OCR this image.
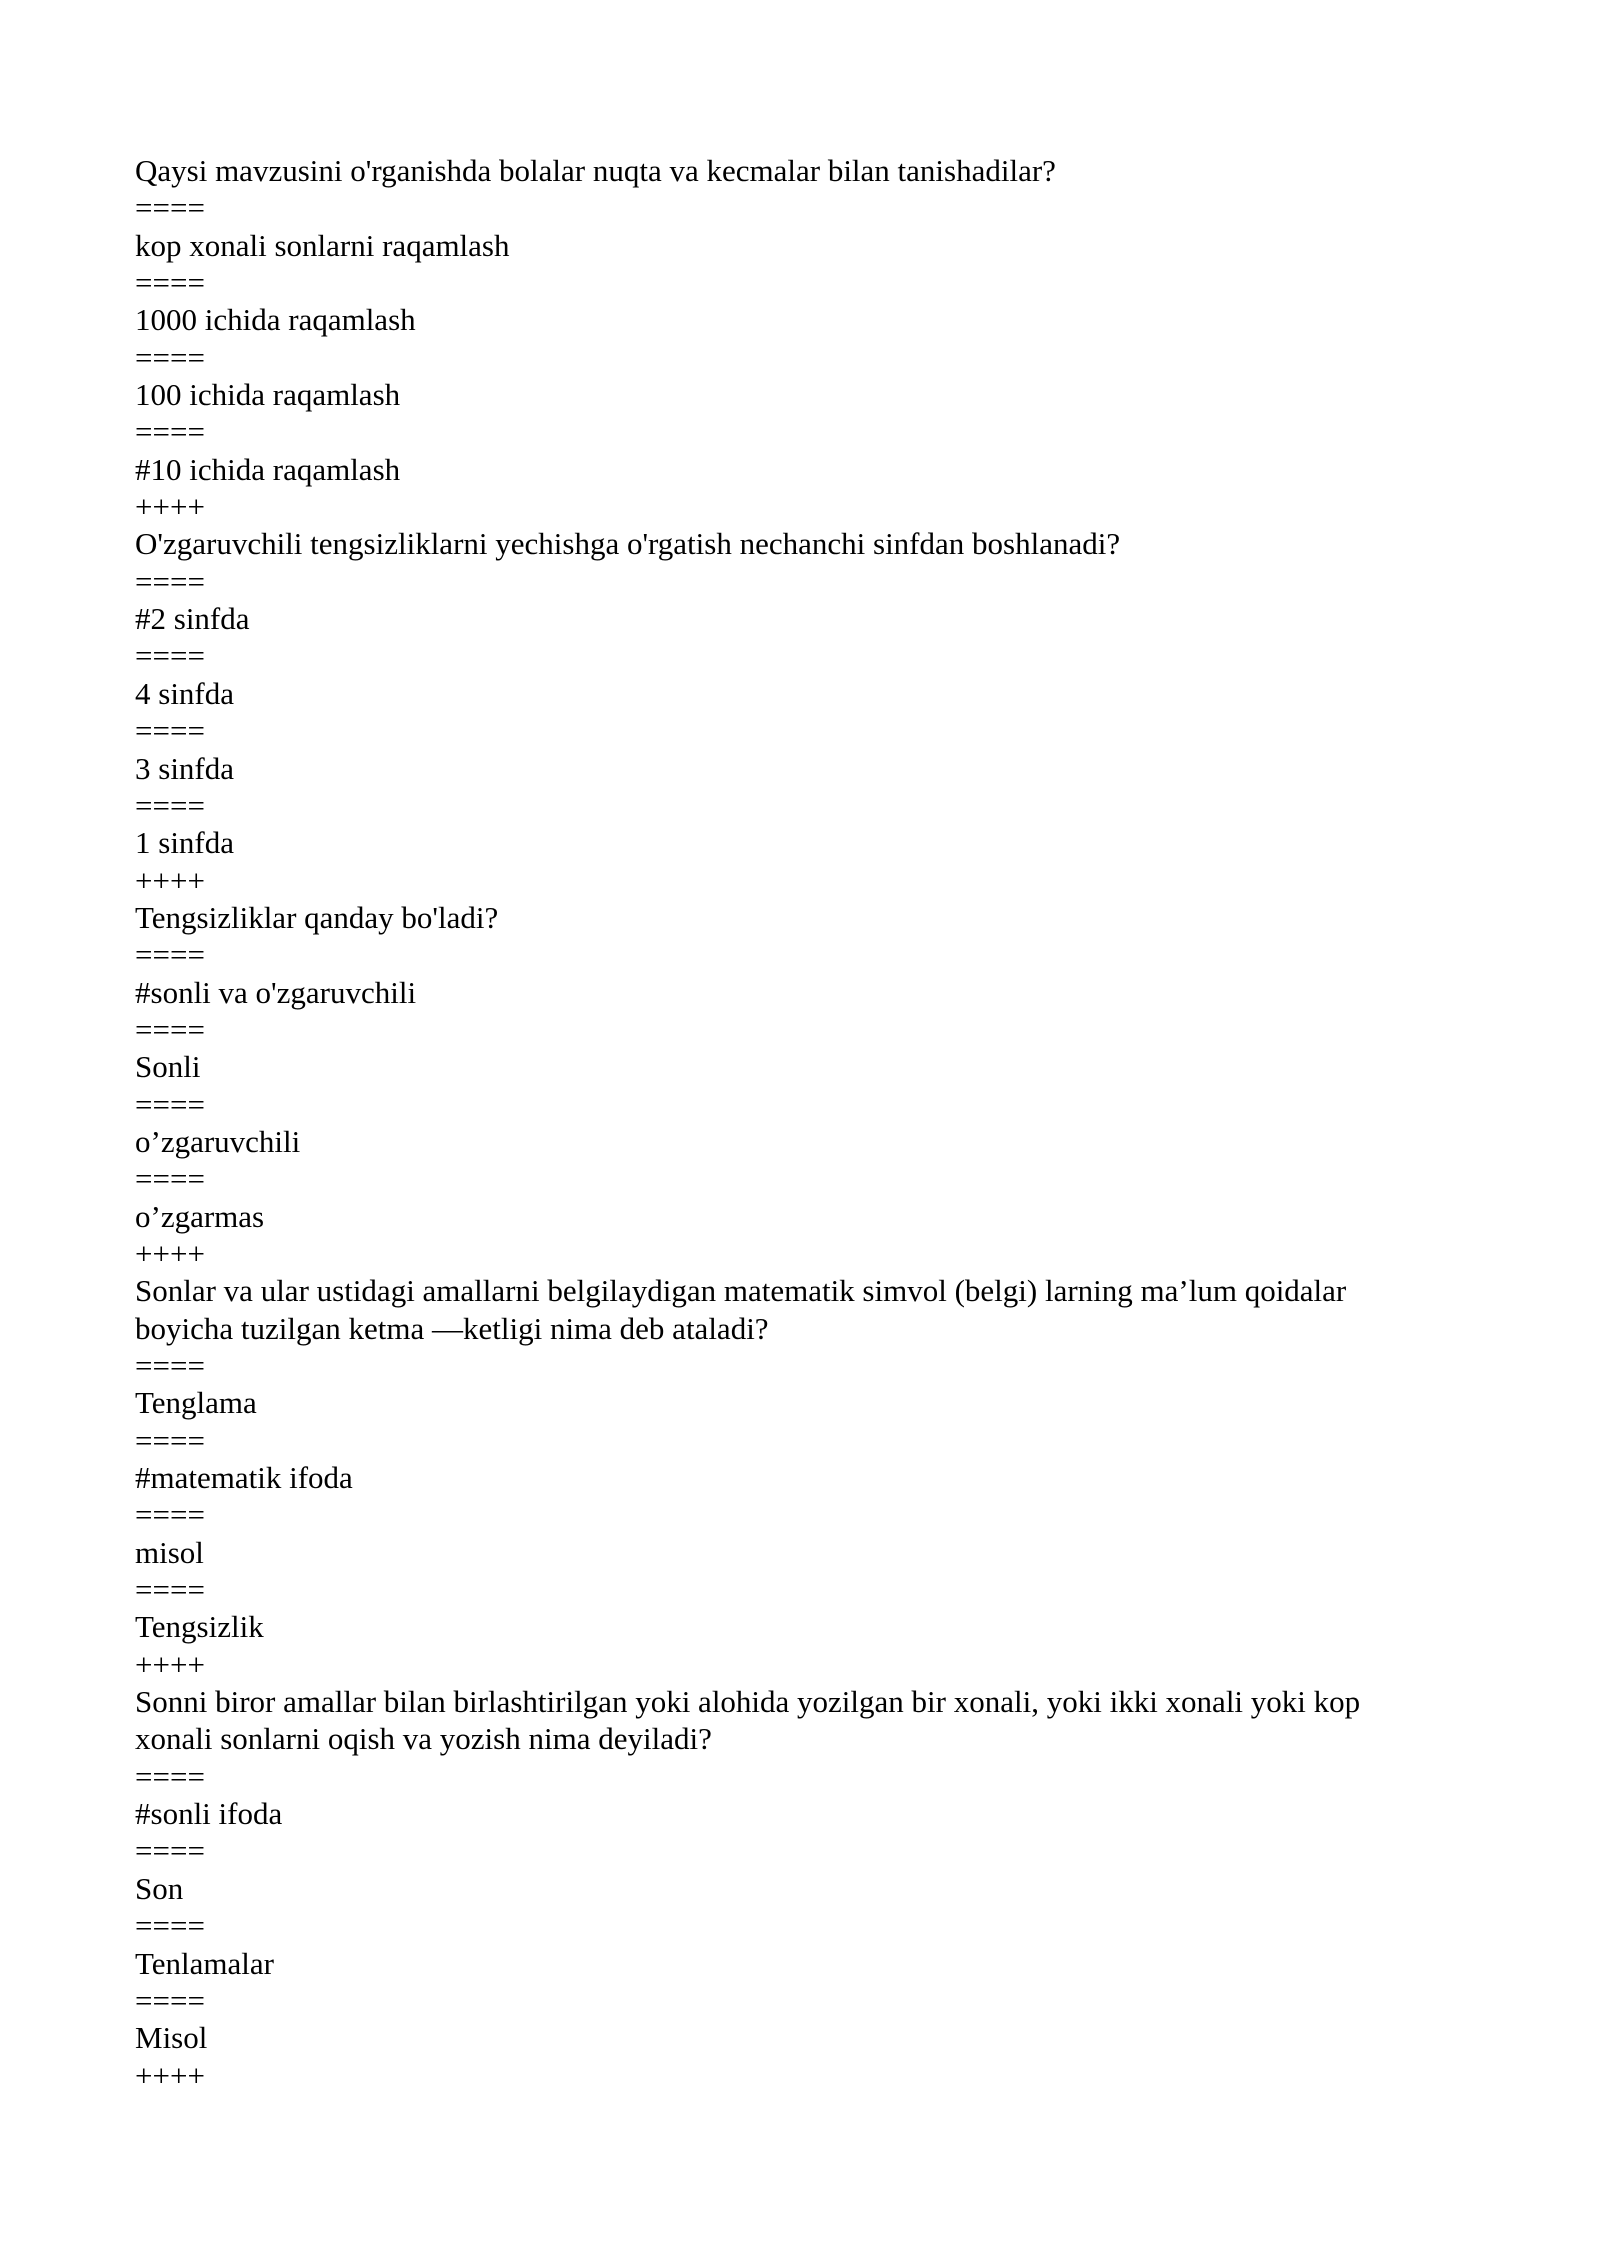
Qaysi mavzusini o'rganishda bolalar nuqta va kecmalar bilan tanishadilar?
====
kop xonali sonlarni raqamlash
====
1000 ichida raqamlash
====
100 ichida raqamlash
====
#10 ichida raqamlash
++++
O'zgaruvchili tengsizliklarni yechishga o'rgatish nechanchi sinfdan boshlanadi?
====
#2 sinfda
====
4 sinfda
====
3 sinfda
====
1 sinfda
++++
Tengsizliklar qanday bo'ladi?
====
#sonli va o'zgaruvchili
====
Sonli
====
o’zgaruvchili
====
o’zgarmas
++++
Sonlar va ular ustidagi amallarni belgilaydigan matematik simvol (belgi) larning ma’lum qoidalar
boyicha tuzilgan ketma —ketligi nima deb ataladi?
====
Tenglama
====
#matematik ifoda
====
misol
====
Tengsizlik
++++
Sonni biror amallar bilan birlashtirilgan yoki alohida yozilgan bir xonali, yoki ikki xonali yoki kop
xonali sonlarni oqish va yozish nima deyiladi?
====
#sonli ifoda
====
Son
====
Tenlamalar
====
Misol
++++
